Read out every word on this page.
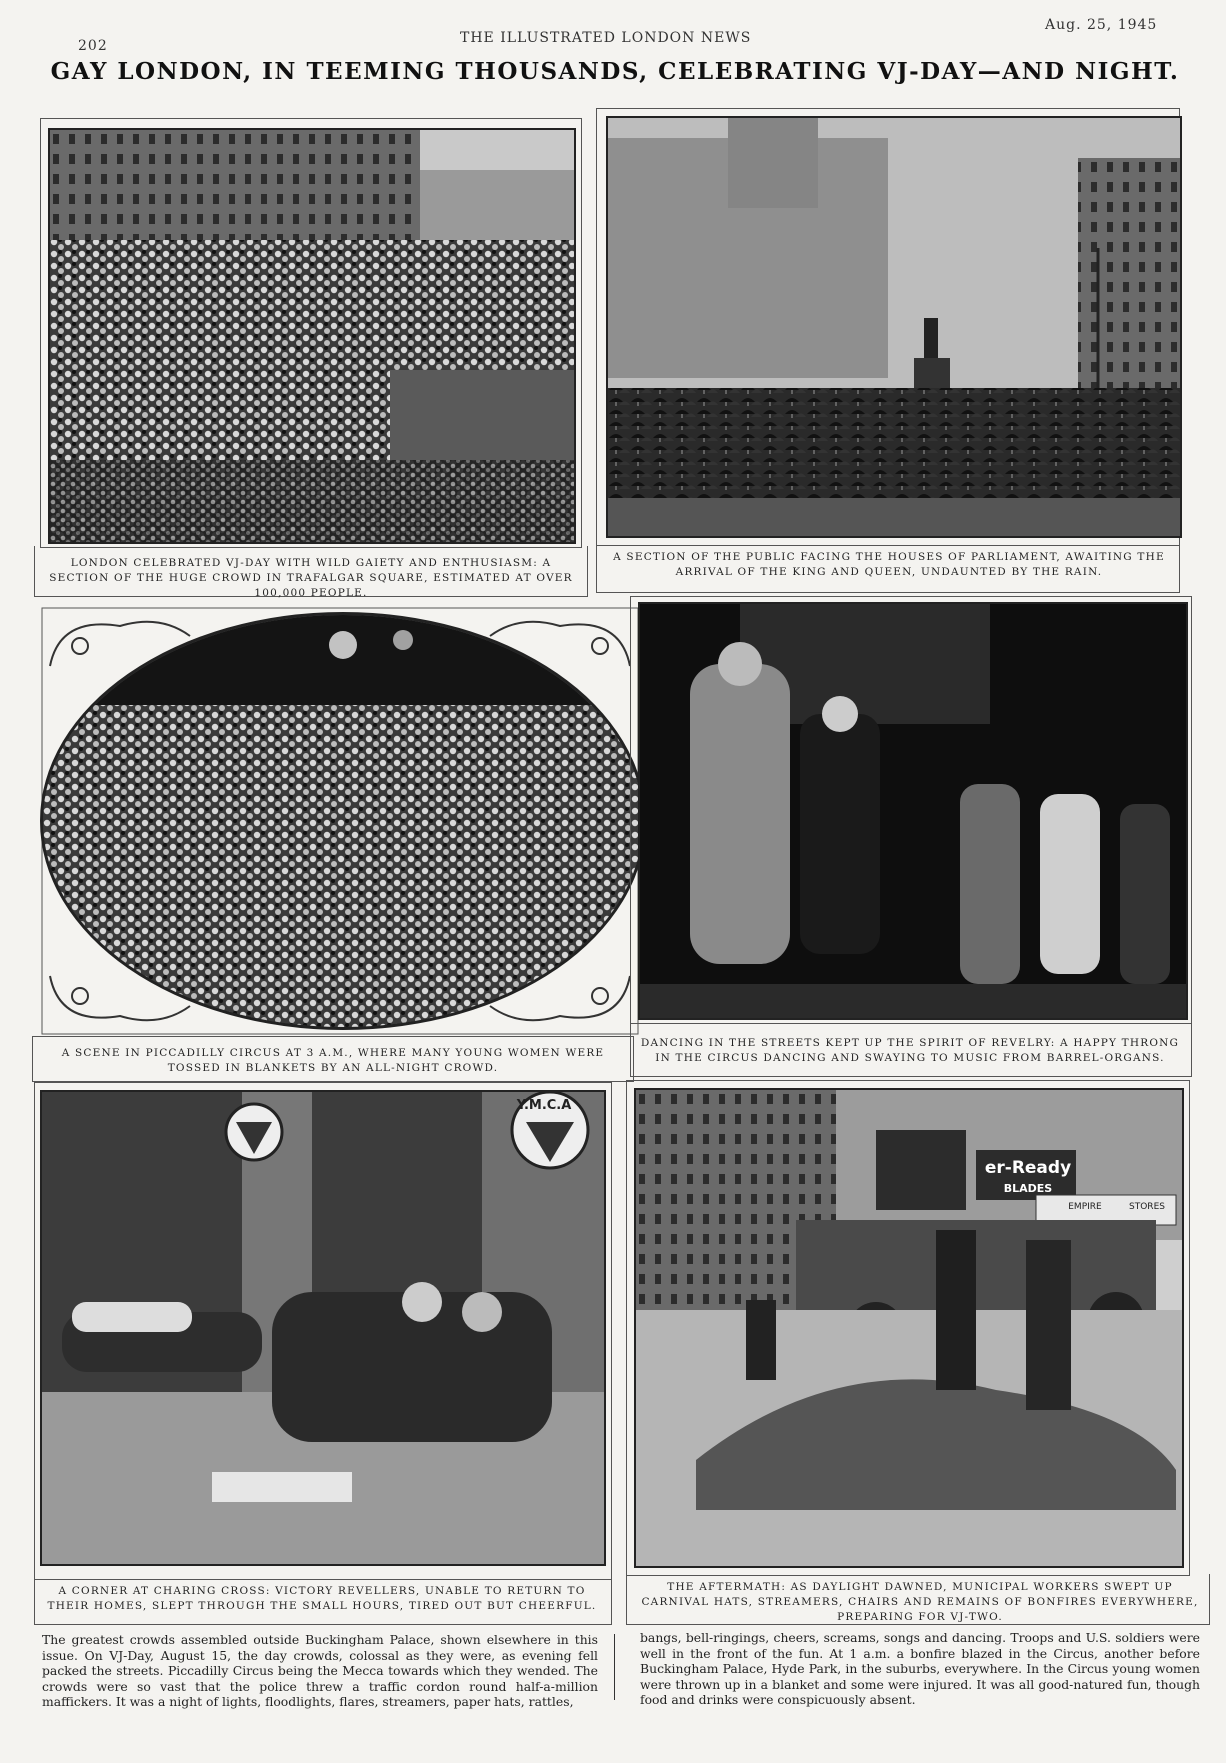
202	THE ILLUSTRATED LONDON NEWS
Aug. 25, 1945
GAY LONDON, IN TEEMING THOUSANDS, CELEBRATING VJ-DAY—AND NIGHT.
LONDON CELEBRATED VJ-DAY WITH WILD GAIETY AND ENTHUSIASM: A SECTION OF THE HUGE CROWD IN TRAFALGAR SQUARE, ESTIMATED AT OVER 100,000 PEOPLE.
A SECTION OF THE PUBLIC FACING THE HOUSES OF PARLIAMENT, AWAITING THE ARRIVAL OF THE KING AND QUEEN, UNDAUNTED BY THE RAIN.
A SCENE IN PICCADILLY CIRCUS AT 3 A.M., WHERE MANY YOUNG WOMEN WERE TOSSED IN BLANKETS BY AN ALL-NIGHT CROWD.
DANCING IN THE STREETS KEPT UP THE SPIRIT OF REVELRY: A HAPPY THRONG IN THE CIRCUS DANCING AND SWAYING TO MUSIC FROM BARREL-ORGANS.
Y.M.C.A
A CORNER AT CHARING CROSS: VICTORY REVELLERS, UNABLE TO RETURN TO THEIR HOMES, SLEPT THROUGH THE SMALL HOURS, TIRED OUT BUT CHEERFUL.
er-Ready
BLADES
EMPIRE	STORES
THE AFTERMATH: AS DAYLIGHT DAWNED, MUNICIPAL WORKERS SWEPT UP CARNIVAL HATS, STREAMERS, CHAIRS AND REMAINS OF BONFIRES EVERYWHERE, PREPARING FOR VJ-TWO.
The greatest crowds assembled outside Buckingham Palace, shown elsewhere in this issue. On VJ-Day, August 15, the day crowds, colossal as they were, as evening fell packed the streets. Piccadilly Circus being the Mecca towards which they wended. The crowds were so vast that the police threw a traffic cordon round half-a-million maffickers. It was a night of lights, floodlights, flares, streamers, paper hats, rattles,
bangs, bell-ringings, cheers, screams, songs and dancing. Troops and U.S. soldiers were well in the front of the fun. At 1 a.m. a bonfire blazed in the Circus, another before Buckingham Palace, Hyde Park, in the suburbs, everywhere. In the Circus young women were thrown up in a blanket and some were injured. It was all good-natured fun, though food and drinks were conspicuously absent.
